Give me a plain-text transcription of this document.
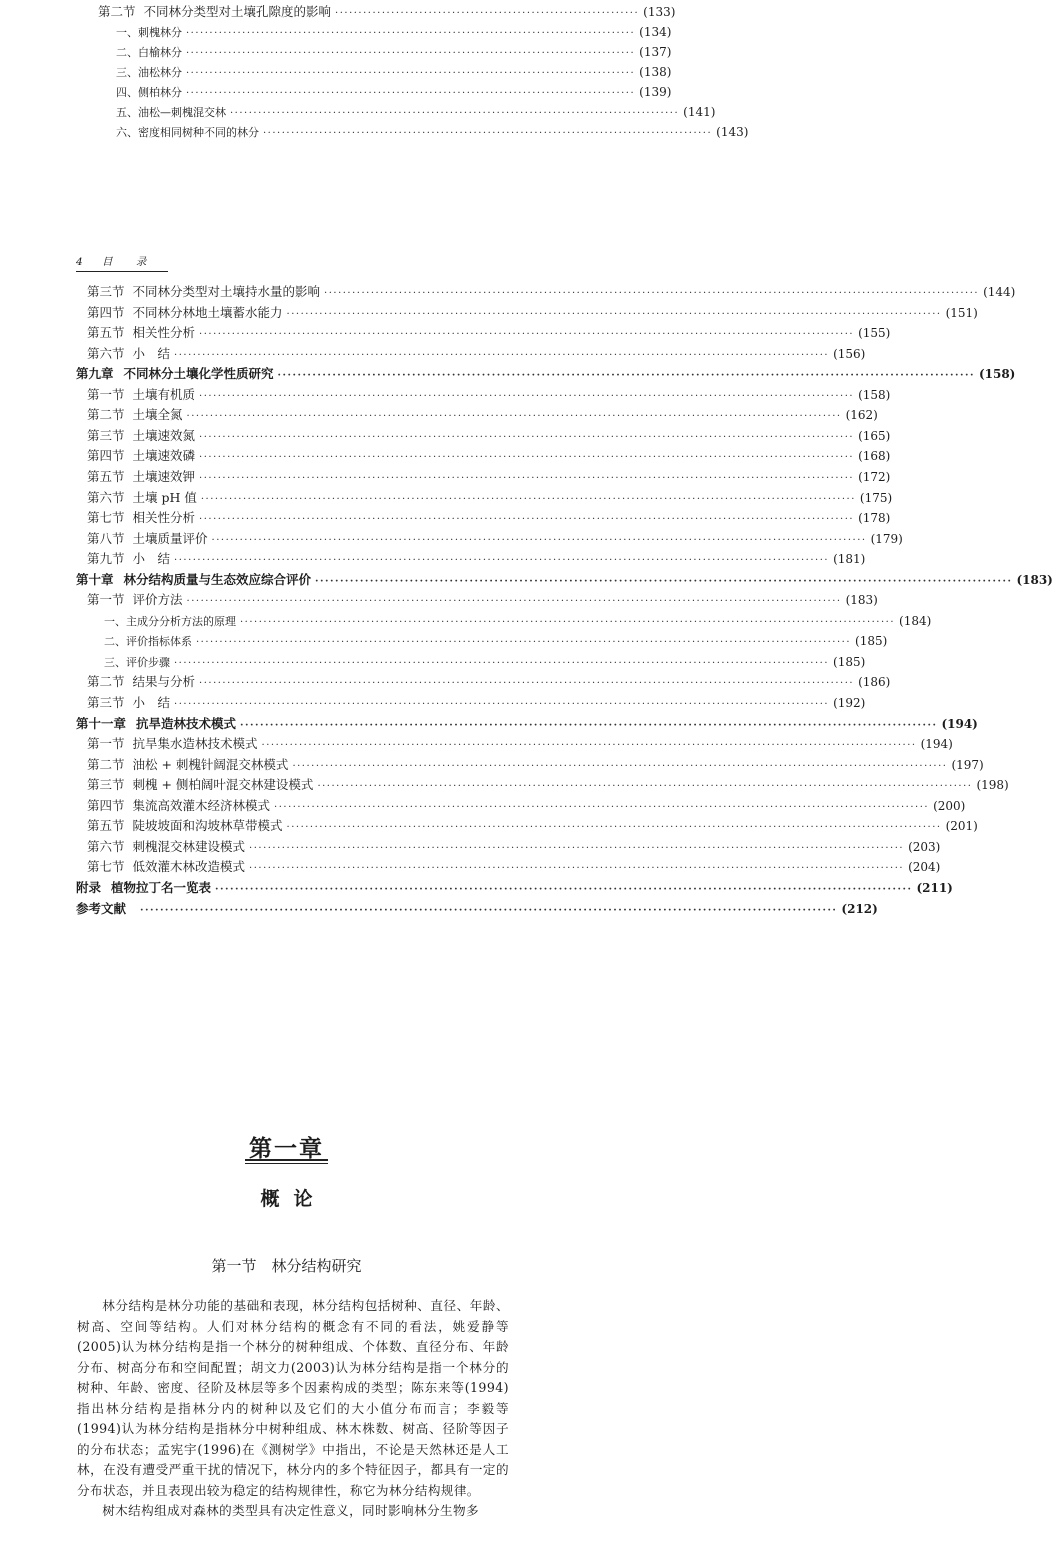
第二节 不同林分类型对土壤孔隙度的影响 ································································· (133)
一、 刺槐林分 ································································································ (134)
二、 白榆林分 ································································································ (137)
三、 油松林分 ································································································ (138)
四、 侧柏林分 ································································································ (139)
五、 油松—刺槐混交林 ································································································ (141)
六、 密度相同树种不同的林分 ································································································ (143)
4 目 录
第三节 不同林分类型对土壤持水量的影响 ············································································································································ (144)
第四节 不同林分林地土壤蓄水能力 ············································································································································ (151)
第五节 相关性分析 ············································································································································ (155)
第六节 小　结 ············································································································································ (156)
第九章 不同林分土壤化学性质研究 ············································································································································ (158)
第一节 土壤有机质 ············································································································································ (158)
第二节 土壤全氮 ············································································································································ (162)
第三节 土壤速效氮 ············································································································································ (165)
第四节 土壤速效磷 ············································································································································ (168)
第五节 土壤速效钾 ············································································································································ (172)
第六节 土壤 pH 值 ············································································································································ (175)
第七节 相关性分析 ············································································································································ (178)
第八节 土壤质量评价 ············································································································································ (179)
第九节 小　结 ············································································································································ (181)
第十章 林分结构质量与生态效应综合评价 ············································································································································ (183)
第一节 评价方法 ············································································································································ (183)
一、 主成分分析方法的原理 ············································································································································ (184)
二、 评价指标体系 ············································································································································ (185)
三、 评价步骤 ············································································································································ (185)
第二节 结果与分析 ············································································································································ (186)
第三节 小　结 ············································································································································ (192)
第十一章 抗旱造林技术模式 ············································································································································ (194)
第一节 抗旱集水造林技术模式 ············································································································································ (194)
第二节 油松 + 刺槐针阔混交林模式 ············································································································································ (197)
第三节 刺槐 + 侧柏阔叶混交林建设模式 ············································································································································ (198)
第四节 集流高效灌木经济林模式 ············································································································································ (200)
第五节 陡坡坡面和沟坡林草带模式 ············································································································································ (201)
第六节 刺槐混交林建设模式 ············································································································································ (203)
第七节 低效灌木林改造模式 ············································································································································ (204)
附录 植物拉丁名一览表 ············································································································································ (211)
参考文献 ············································································································································ (212)
第一章
概论
第一节　林分结构研究

林分结构是林分功能的基础和表现，林分结构包括树种、直径、年龄、树高、空间等结构。人们对林分结构的概念有不同的看法，姚爱静等(2005)认为林分结构是指一个林分的树种组成、个体数、直径分布、年龄分布、树高分布和空间配置；胡文力(2003)认为林分结构是指一个林分的树种、年龄、密度、径阶及林层等多个因素构成的类型；陈东来等(1994)指出林分结构是指林分内的树种以及它们的大小值分布而言；李毅等(1994)认为林分结构是指林分中树种组成、林木株数、树高、径阶等因子的分布状态；孟宪宇(1996)在《测树学》中指出，不论是天然林还是人工林，在没有遭受严重干扰的情况下，林分内的多个特征因子，都具有一定的分布状态，并且表现出较为稳定的结构规律性，称它为林分结构规律。

树木结构组成对森林的类型具有决定性意义，同时影响林分生物多
